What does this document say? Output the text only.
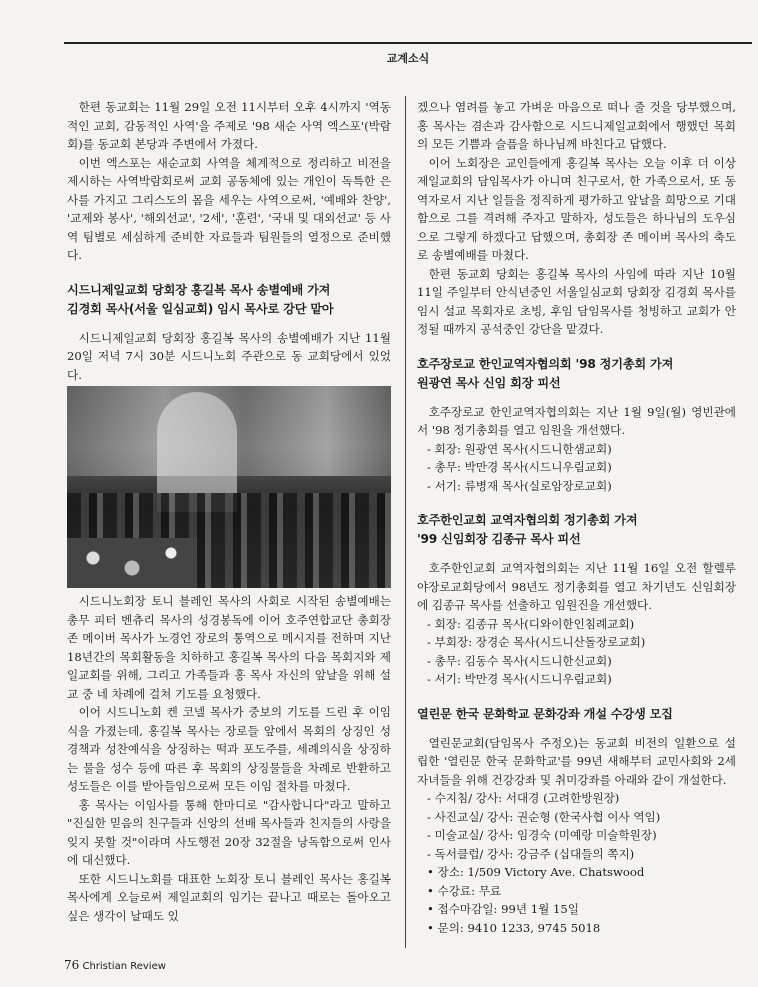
교계소식

한편 동교회는 11월 29일 오전 11시부터 오후 4시까지 '역동적인 교회, 감동적인 사역'을 주제로 '98 새순 사역 엑스포'(박람회)를 동교회 본당과 주변에서 가졌다.

이번 엑스포는 새순교회 사역을 체계적으로 정리하고 비전을 제시하는 사역박람회로써 교회 공동체에 있는 개인이 독특한 은사를 가지고 그리스도의 몸을 세우는 사역으로써, '예배와 찬양', '교제와 봉사', '해외선교', '2세', '훈련', '국내 및 대외선교' 등 사역 팀별로 세심하게 준비한 자료들과 팀원들의 열정으로 준비했다.

시드니제일교회 당회장 홍길복 목사 송별예배 가져
김경회 목사(서울 일심교회) 임시 목사로 강단 맡아

시드니제일교회 당회장 홍길복 목사의 송별예배가 지난 11월 20일 저녁 7시 30분 시드니노회 주관으로 동 교회당에서 있었다.

시드니노회장 토니 블레인 목사의 사회로 시작된 송별예배는 총무 피터 벤츄리 목사의 성경봉독에 이어 호주연합교단 총회장 존 메이버 목사가 노경언 장로의 통역으로 메시지를 전하며 지난 18년간의 목회활동을 치하하고 홍길복 목사의 다음 목회지와 제일교회를 위해, 그리고 가족들과 홍 목사 자신의 앞날을 위해 설교 중 네 차례에 걸쳐 기도를 요청했다.

이어 시드니노회 켄 코넬 목사가 중보의 기도를 드린 후 이임식을 가졌는데, 홍길복 목사는 장로들 앞에서 목회의 상징인 성경책과 성찬예식을 상징하는 떡과 포도주를, 세례의식을 상징하는 물을 성수 등에 따른 후 목회의 상징물들을 차례로 반환하고 성도들은 이를 받아들임으로써 모든 이임 절차를 마쳤다.

홍 목사는 이임사를 통해 한마디로 "감사합니다"라고 말하고 "진실한 믿음의 친구들과 신앙의 선배 목사들과 친지들의 사랑을 잊지 못할 것"이라며 사도행전 20장 32절을 낭독함으로써 인사에 대신했다.

또한 시드니노회를 대표한 노회장 토니 블레인 목사는 홍길복 목사에게 오늘로써 제일교회의 임기는 끝나고 때로는 돌아오고 싶은 생각이 날때도 있

겠으나 염려를 놓고 가벼운 마음으로 떠나 줄 것을 당부했으며, 홍 목사는 겸손과 감사함으로 시드니제일교회에서 행했던 목회의 모든 기쁨과 슬픔을 하나님께 바친다고 답했다.

이어 노회장은 교인들에게 홍길복 목사는 오늘 이후 더 이상 제일교회의 담임목사가 아니며 친구로서, 한 가족으로서, 또 동역자로서 지난 일들을 정직하게 평가하고 앞날을 희망으로 기대함으로 그를 격려해 주자고 말하자, 성도들은 하나님의 도우심으로 그렇게 하겠다고 답했으며, 총회장 존 메이버 목사의 축도로 송별예배를 마쳤다.

한편 동교회 당회는 홍길복 목사의 사임에 따라 지난 10월 11일 주일부터 안식년중인 서울일심교회 당회장 김경회 목사를 임시 설교 목회자로 초빙, 후임 담임목사를 청빙하고 교회가 안정될 때까지 공석중인 강단을 맡겼다.

호주장로교 한인교역자협의회 '98 정기총회 가져
원광연 목사 신임 회장 피선

호주장로교 한인교역자협의회는 지난 1월 9일(월) 영빈관에서 '98 정기총회를 열고 임원을 개선했다.

- 회장: 원광연 목사(시드니한샘교회)
- 총무: 박만경 목사(시드니우림교회)
- 서기: 류병재 목사(실로암장로교회)
호주한인교회 교역자협의회 정기총회 가져
'99 신임회장 김종규 목사 피선

호주한인교회 교역자협의회는 지난 11월 16일 오전 할렐루야장로교회당에서 98년도 정기총회를 열고 차기년도 신임회장에 김종규 목사를 선출하고 임원진을 개선했다.

- 회장: 김종규 목사(디와이한인침례교회)
- 부회장: 장경순 목사(시드니산돌장로교회)
- 총무: 김동수 목사(시드니한신교회)
- 서기: 박만경 목사(시드니우림교회)
열린문 한국 문화학교 문화강좌 개설 수강생 모집

열린문교회(담임목사 주정오)는 동교회 비전의 일환으로 설립한 '열린문 한국 문화학교'를 99년 새해부터 교민사회와 2세 자녀들을 위해 건강강좌 및 취미강좌를 아래와 같이 개설한다.

- 수지침/ 강사: 서대경 (고려한방원장)
- 사진교실/ 강사: 권순형 (한국사협 이사 역임)
- 미술교실/ 강사: 임경숙 (미예랑 미술학원장)
- 독서클럽/ 강사: 강금주 (십대들의 쪽지)
• 장소: 1/509 Victory Ave. Chatswood
• 수강료: 무료
• 접수마감일: 99년 1월 15일
• 문의: 9410 1233, 9745 5018
76 Christian Review
